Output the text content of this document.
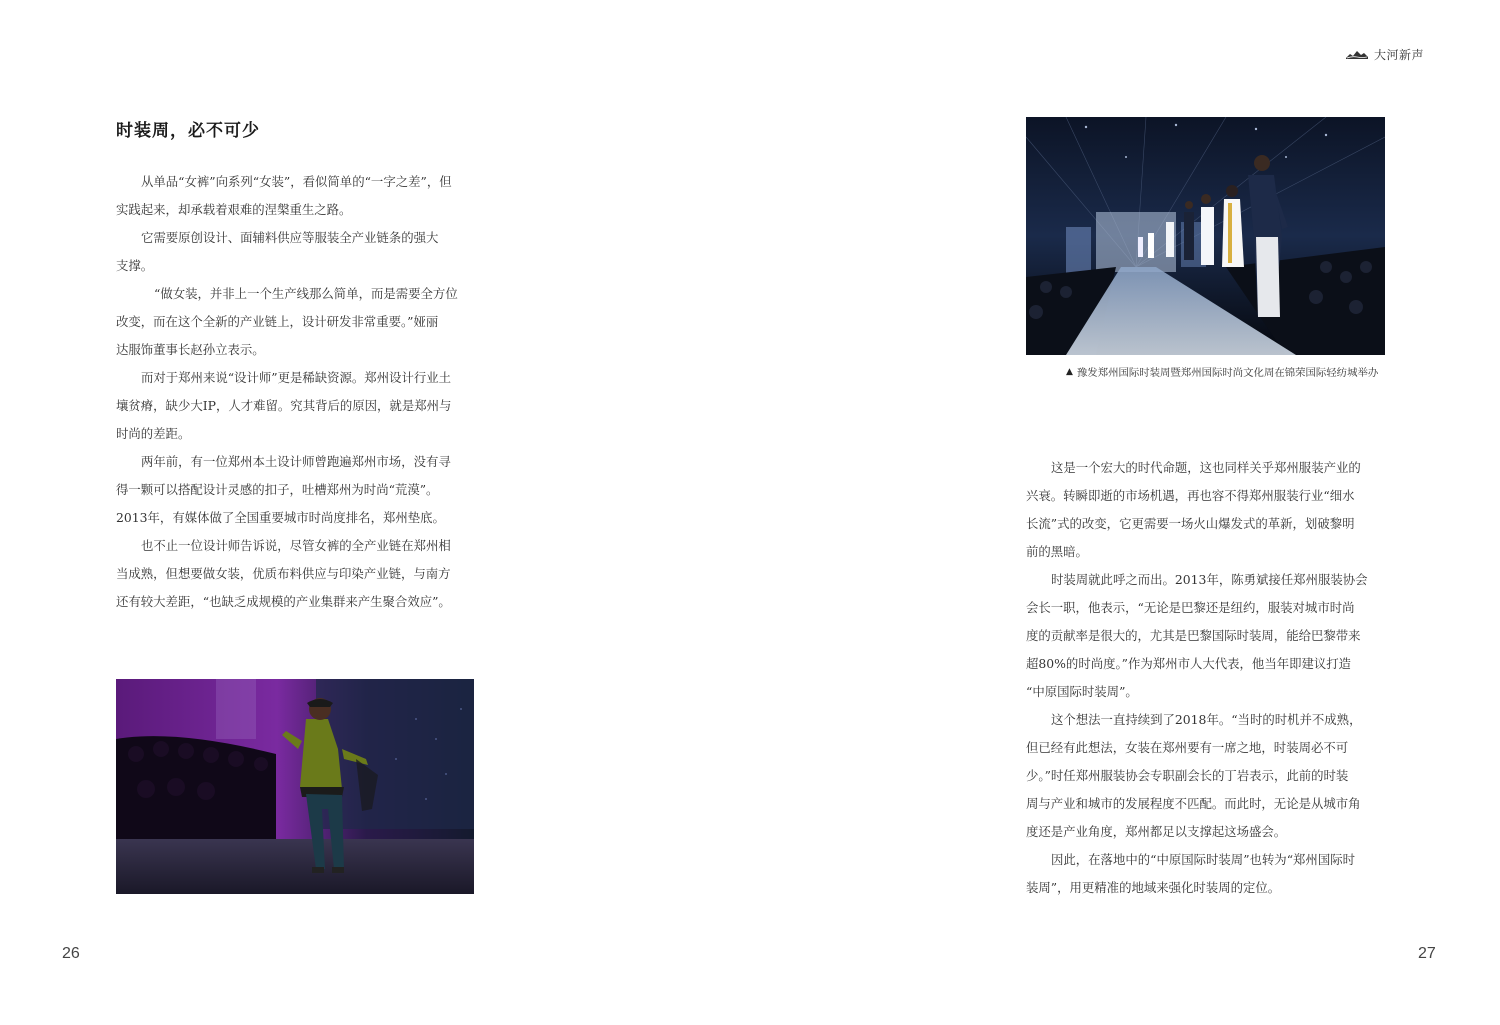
大河新声
时装周，必不可少
从单品“女裤”向系列“女装”，看似简单的“一字之差”，但
实践起来，却承载着艰难的涅槃重生之路。
它需要原创设计、面辅料供应等服装全产业链条的强大
支撑。
“做女装，并非上一个生产线那么简单，而是需要全方位
改变，而在这个全新的产业链上，设计研发非常重要。”娅丽
达服饰董事长赵孙立表示。
而对于郑州来说“设计师”更是稀缺资源。郑州设计行业土
壤贫瘠，缺少大IP，人才难留。究其背后的原因，就是郑州与
时尚的差距。
两年前，有一位郑州本土设计师曾跑遍郑州市场，没有寻
得一颗可以搭配设计灵感的扣子，吐槽郑州为时尚“荒漠”。
2013年，有媒体做了全国重要城市时尚度排名，郑州垫底。
也不止一位设计师告诉说，尽管女裤的全产业链在郑州相
当成熟，但想要做女装，优质布料供应与印染产业链，与南方
还有较大差距，“也缺乏成规模的产业集群来产生聚合效应”。
26
▲ 豫发郑州国际时装周暨郑州国际时尚文化周在锦荣国际轻纺城举办
这是一个宏大的时代命题，这也同样关乎郑州服装产业的
兴衰。转瞬即逝的市场机遇，再也容不得郑州服装行业“细水
长流”式的改变，它更需要一场火山爆发式的革新，划破黎明
前的黑暗。
时装周就此呼之而出。2013年，陈勇斌接任郑州服装协会
会长一职，他表示，“无论是巴黎还是纽约，服装对城市时尚
度的贡献率是很大的，尤其是巴黎国际时装周，能给巴黎带来
超80%的时尚度。”作为郑州市人大代表，他当年即建议打造
“中原国际时装周”。
这个想法一直持续到了2018年。“当时的时机并不成熟，
但已经有此想法，女装在郑州要有一席之地，时装周必不可
少。”时任郑州服装协会专职副会长的丁岩表示，此前的时装
周与产业和城市的发展程度不匹配。而此时，无论是从城市角
度还是产业角度，郑州都足以支撑起这场盛会。
因此，在落地中的“中原国际时装周”也转为“郑州国际时
装周”，用更精准的地域来强化时装周的定位。
27
